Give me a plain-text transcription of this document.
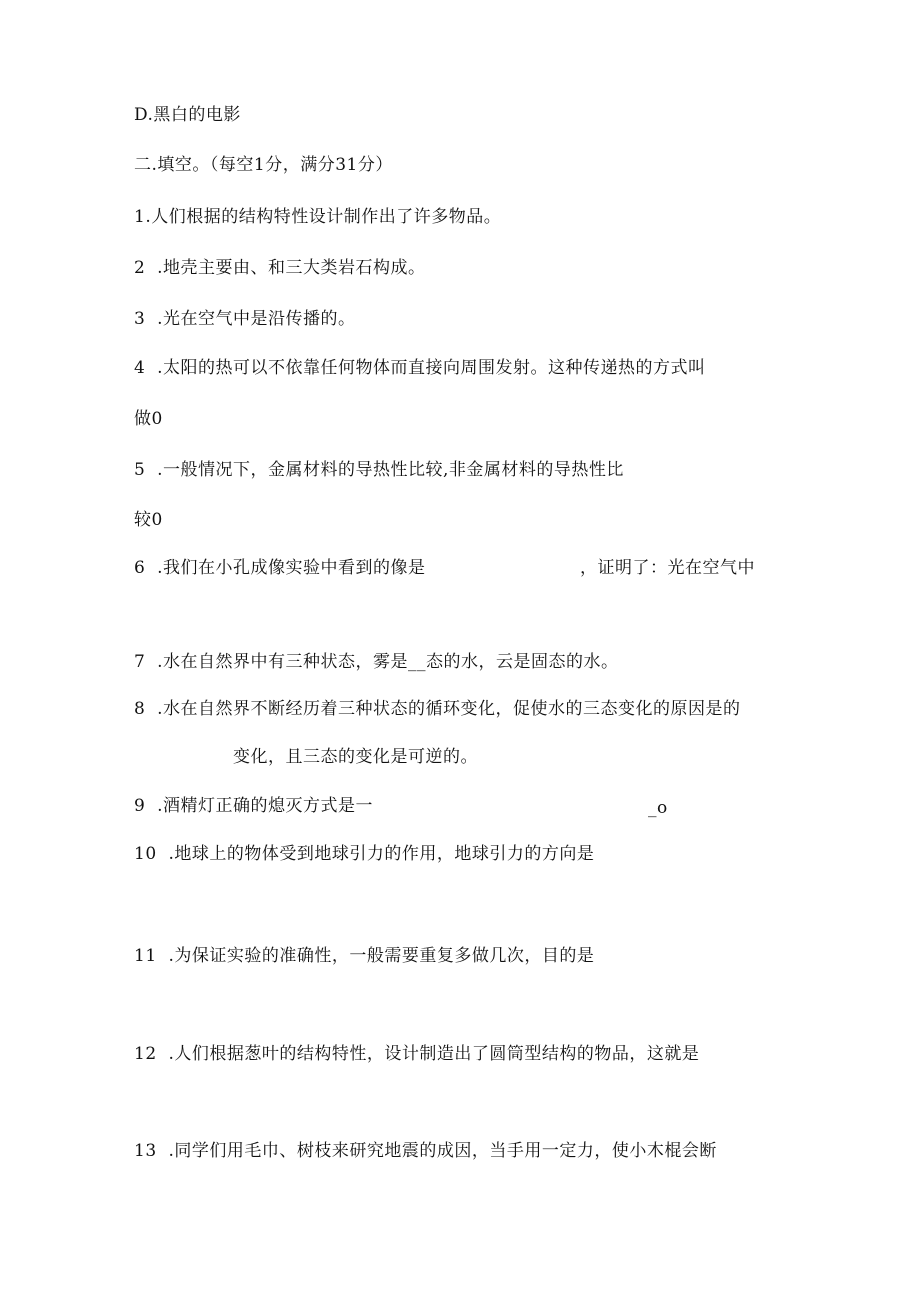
D.黑白的电影
二.填空。（每空1分，满分31分）
1.人们根据的结构特性设计制作出了许多物品。
2  .地壳主要由、和三大类岩石构成。
3  .光在空气中是沿传播的。
4  .太阳的热可以不依靠任何物体而直接向周围发射。这种传递热的方式叫
做0
5  .一般情况下，金属材料的导热性比较,非金属材料的导热性比
较0
6  .我们在小孔成像实验中看到的像是	，证明了：光在空气中
7  .水在自然界中有三种状态，雾是__态的水，云是固态的水。
8  .水在自然界不断经历着三种状态的循环变化，促使水的三态变化的原因是的
变化，且三态的变化是可逆的。
9  .酒精灯正确的熄灭方式是一	_o
10  .地球上的物体受到地球引力的作用，地球引力的方向是
11  .为保证实验的准确性，一般需要重复多做几次，目的是
12  .人们根据葱叶的结构特性，设计制造出了圆筒型结构的物品，这就是
13  .同学们用毛巾、树枝来研究地震的成因，当手用一定力，使小木棍会断
